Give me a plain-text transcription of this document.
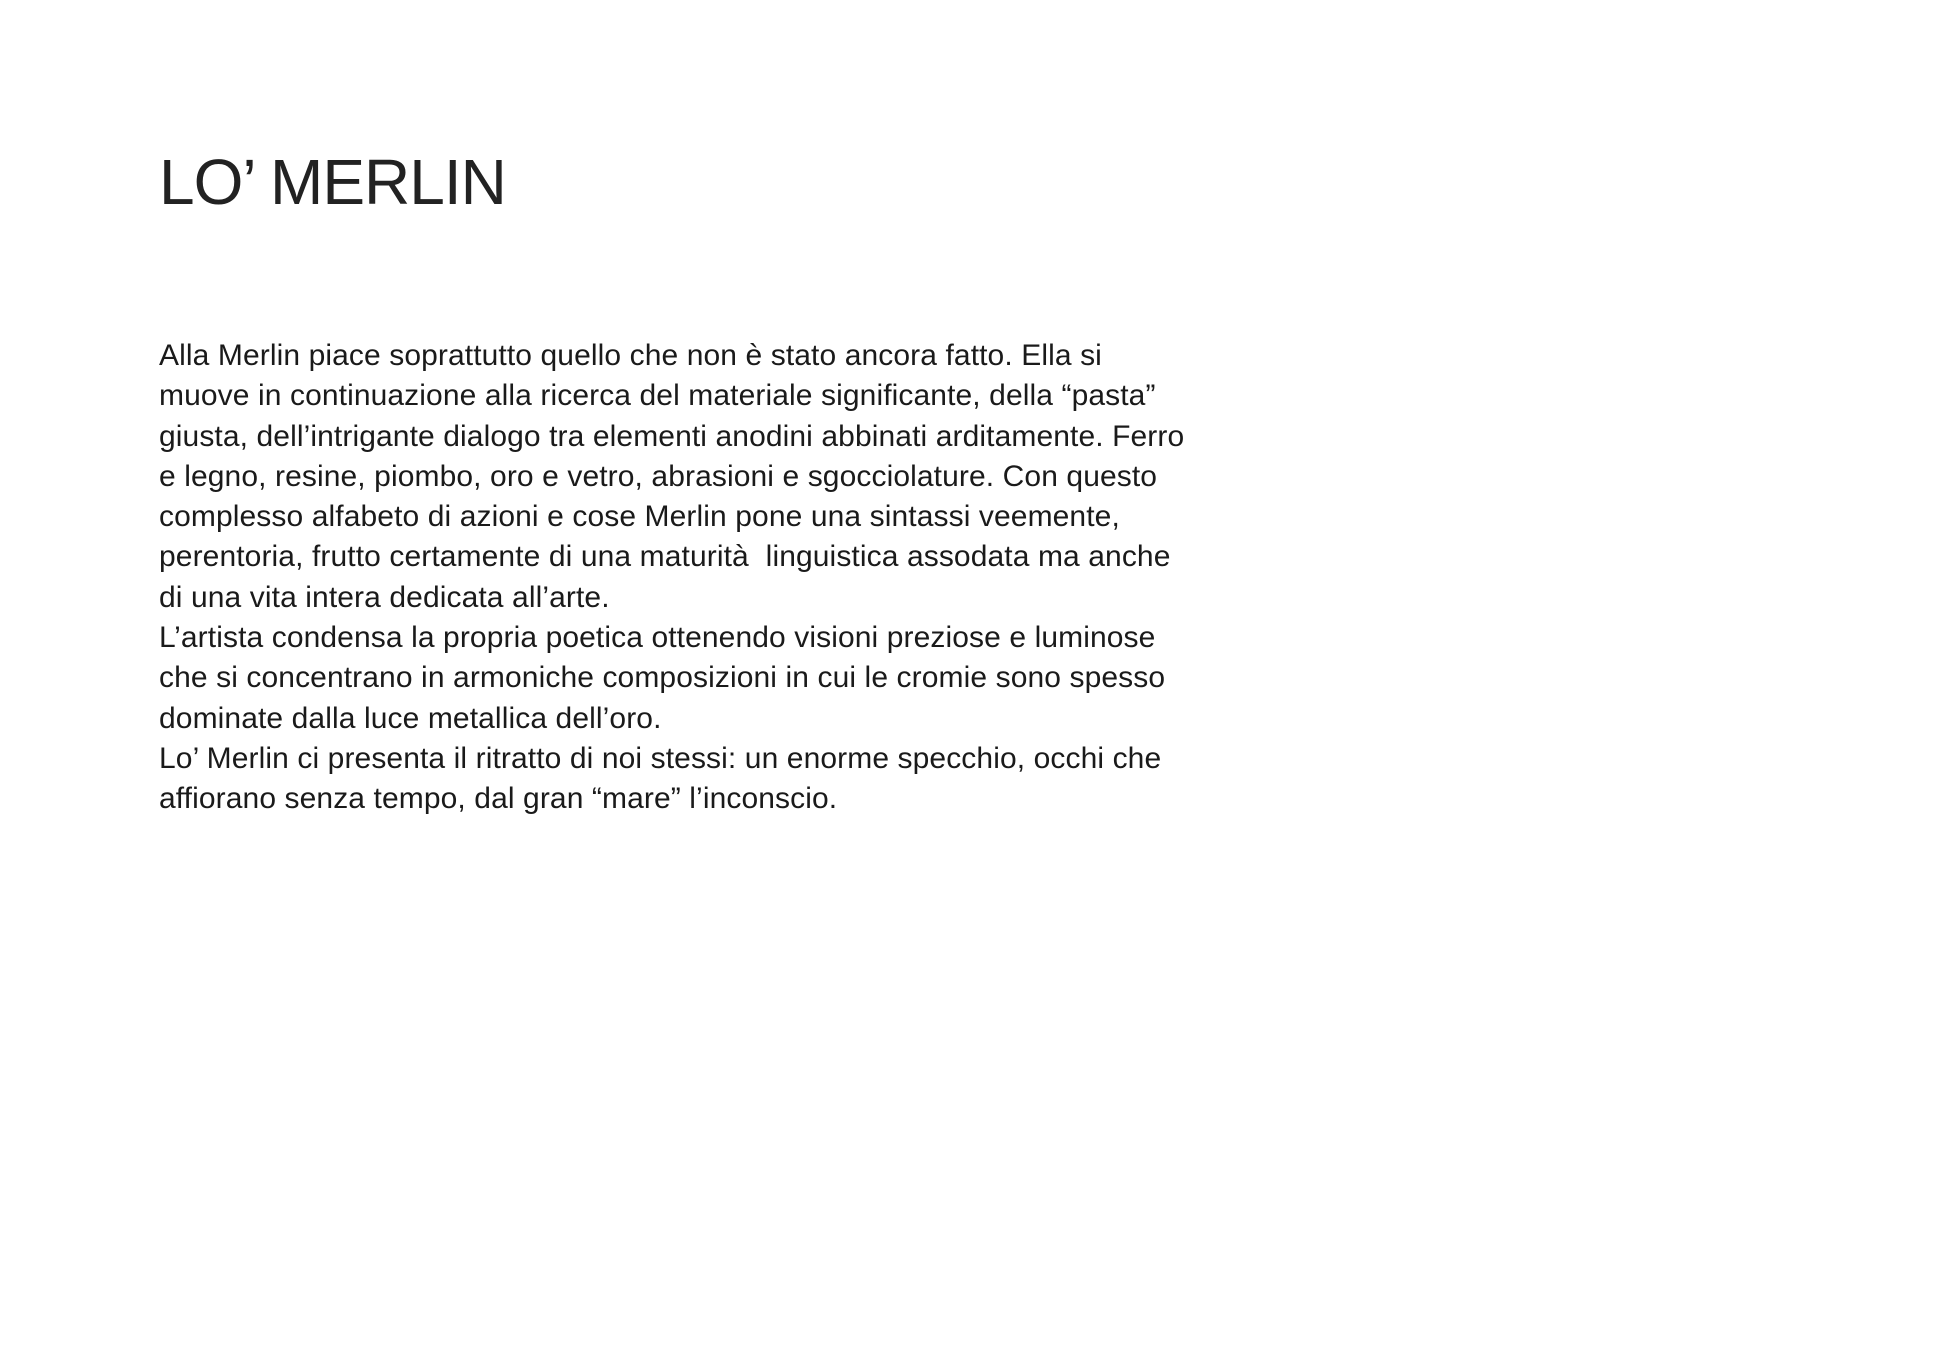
LO’ MERLIN
Alla Merlin piace soprattutto quello che non è stato ancora fatto. Ella si
muove in continuazione alla ricerca del materiale significante, della “pasta”
giusta, dell’intrigante dialogo tra elementi anodini abbinati arditamente. Ferro
e legno, resine, piombo, oro e vetro, abrasioni e sgocciolature. Con questo
complesso alfabeto di azioni e cose Merlin pone una sintassi veemente,
perentoria, frutto certamente di una maturità  linguistica assodata ma anche
di una vita intera dedicata all’arte.
L’artista condensa la propria poetica ottenendo visioni preziose e luminose
che si concentrano in armoniche composizioni in cui le cromie sono spesso
dominate dalla luce metallica dell’oro.
Lo’ Merlin ci presenta il ritratto di noi stessi: un enorme specchio, occhi che
affiorano senza tempo, dal gran “mare” l’inconscio.
